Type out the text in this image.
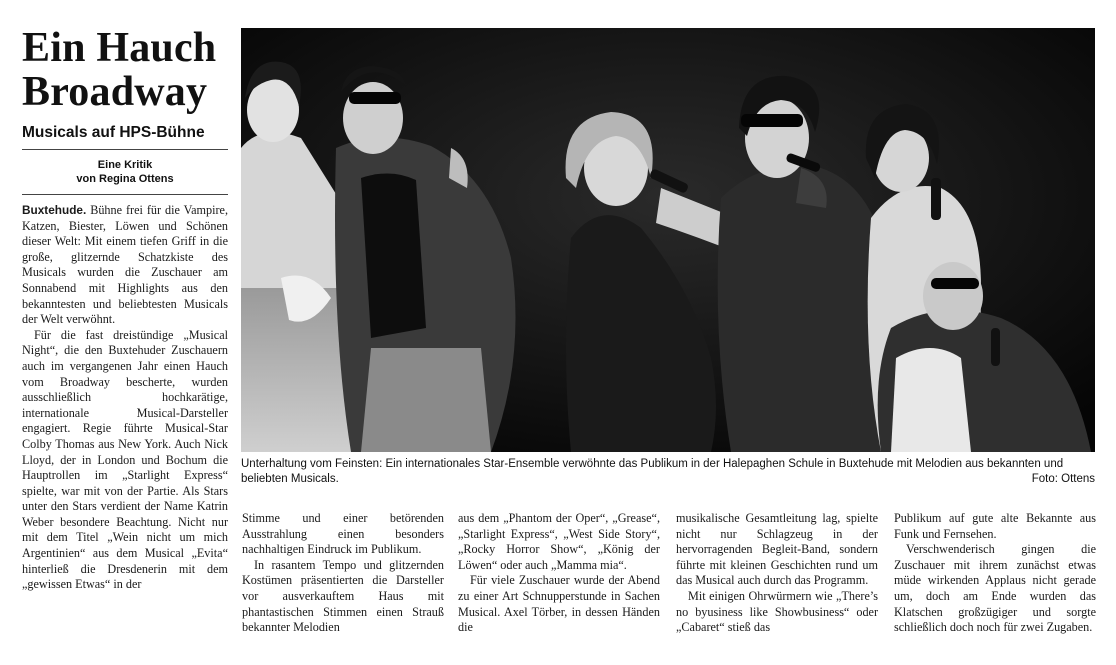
Ein Hauch
Broadway
Musicals auf HPS-Bühne
Eine Kritik
von Regina Ottens

Buxtehude. Bühne frei für die Vampire, Katzen, Biester, Löwen und Schönen dieser Welt: Mit einem tiefen Griff in die große, glitzernde Schatzkiste des Musicals wurden die Zuschauer am Sonnabend mit Highlights aus den bekanntesten und beliebtesten Musicals der Welt verwöhnt.

Für die fast dreistündige „Musical Night“, die den Buxtehuder Zuschauern auch im vergangenen Jahr einen Hauch vom Broadway bescherte, wurden ausschließlich hochkarätige, internationale Musical-Darsteller engagiert. Regie führte Musical-Star Colby Thomas aus New York. Auch Nick Lloyd, der in London und Bochum die Hauptrollen im „Starlight Express“ spielte, war mit von der Partie. Als Stars unter den Stars verdient der Name Katrin Weber besondere Beachtung. Nicht nur mit dem Titel „Wein nicht um mich Argentinien“ aus dem Musical „Evita“ hinterließ die Dresdenerin mit dem „gewissen Etwas“ in der

Unterhaltung vom Feinsten: Ein internationales Star-Ensemble verwöhnte das Publikum in der Halepaghen Schule in Buxtehude mit Melodien aus bekannten und beliebten Musicals.	Foto: Ottens

Stimme und einer betörenden Ausstrahlung einen besonders nachhaltigen Eindruck im Publikum.

In rasantem Tempo und glitzernden Kostümen präsentierten die Darsteller vor ausverkauftem Haus mit phantastischen Stimmen einen Strauß bekannter Melodien

aus dem „Phantom der Oper“, „Grease“, „Starlight Express“, „West Side Story“, „Rocky Horror Show“, „König der Löwen“ oder auch „Mamma mia“.

Für viele Zuschauer wurde der Abend zu einer Art Schnupperstunde in Sachen Musical. Axel Törber, in dessen Händen die

musikalische Gesamtleitung lag, spielte nicht nur Schlagzeug in der hervorragenden Begleit-Band, sondern führte mit kleinen Geschichten rund um das Musical auch durch das Programm.

Mit einigen Ohrwürmern wie „There’s no byusiness like Showbusiness“ oder „Cabaret“ stieß das

Publikum auf gute alte Bekannte aus Funk und Fernsehen.

Verschwenderisch gingen die Zuschauer mit ihrem zunächst etwas müde wirkenden Applaus nicht gerade um, doch am Ende wurden das Klatschen großzügiger und sorgte schließlich doch noch für zwei Zugaben.
